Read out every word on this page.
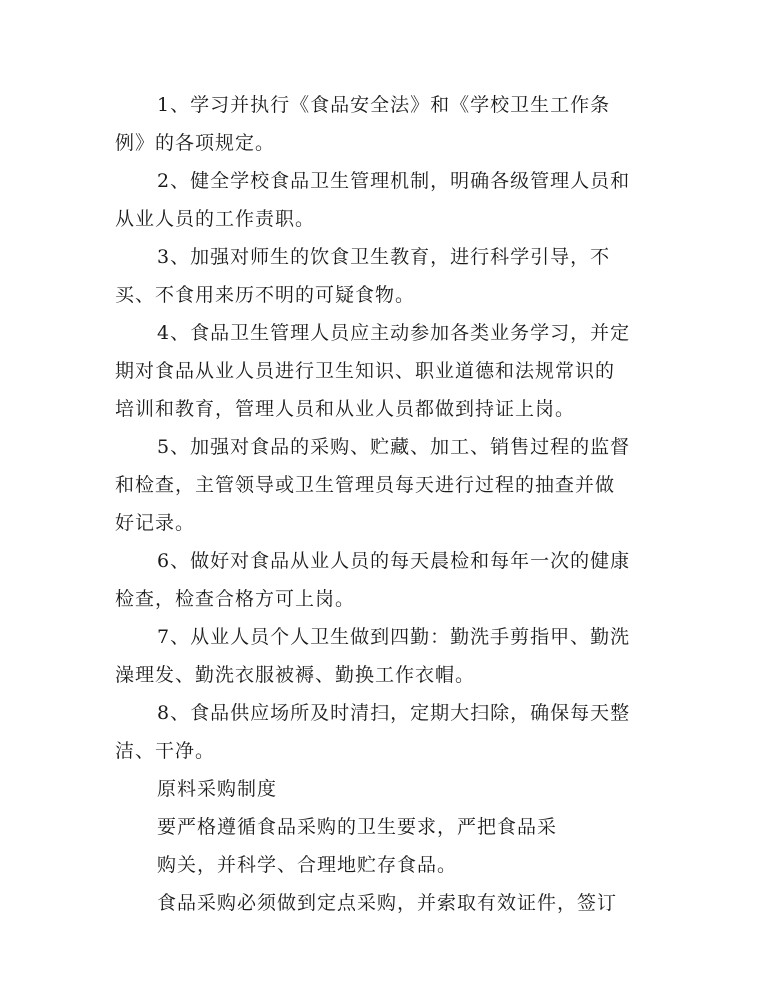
1、学习并执行《食品安全法》和《学校卫生工作条
例》的各项规定。
2、健全学校食品卫生管理机制，明确各级管理人员和
从业人员的工作责职。
3、加强对师生的饮食卫生教育，进行科学引导，不
买、不食用来历不明的可疑食物。
4、食品卫生管理人员应主动参加各类业务学习，并定
期对食品从业人员进行卫生知识、职业道德和法规常识的
培训和教育，管理人员和从业人员都做到持证上岗。
5、加强对食品的采购、贮藏、加工、销售过程的监督
和检查，主管领导或卫生管理员每天进行过程的抽查并做
好记录。
6、做好对食品从业人员的每天晨检和每年一次的健康
检查，检查合格方可上岗。
7、从业人员个人卫生做到四勤：勤洗手剪指甲、勤洗
澡理发、勤洗衣服被褥、勤换工作衣帽。
8、食品供应场所及时清扫，定期大扫除，确保每天整
洁、干净。
原料采购制度
要严格遵循食品采购的卫生要求，严把食品采
购关，并科学、合理地贮存食品。
食品采购必须做到定点采购，并索取有效证件，签订
